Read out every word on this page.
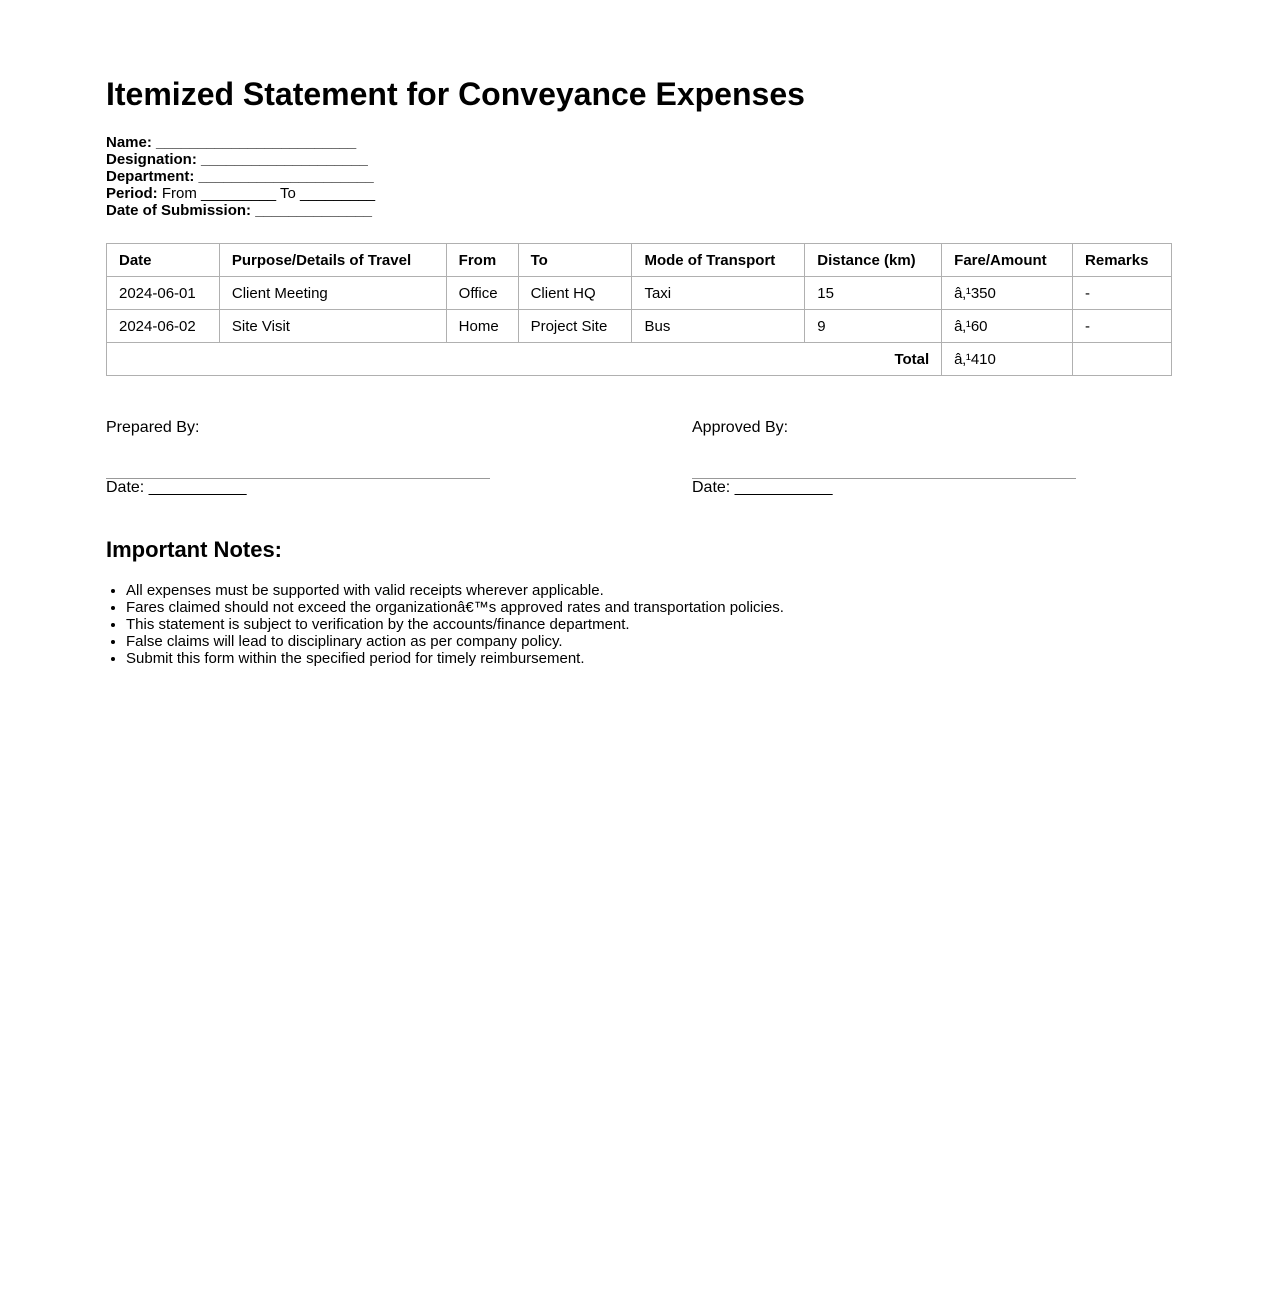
Itemized Statement for Conveyance Expenses
Name: ________________________
Designation: ____________________
Department: _____________________
Period: From _________ To _________
Date of Submission: ______________
Date	Purpose/Details of Travel	From	To	Mode of Transport	Distance (km)	Fare/Amount	Remarks
2024-06-01	Client Meeting	Office	Client HQ	Taxi	15	â‚¹350	-
2024-06-02	Site Visit	Home	Project Site	Bus	9	â‚¹60	-
Total						â‚¹410	
Prepared By:
Date: ___________
Approved By:
Date: ___________
Important Notes:
• All expenses must be supported with valid receipts wherever applicable.
• Fares claimed should not exceed the organizationâ€™s approved rates and transportation policies.
• This statement is subject to verification by the accounts/finance department.
• False claims will lead to disciplinary action as per company policy.
• Submit this form within the specified period for timely reimbursement.
